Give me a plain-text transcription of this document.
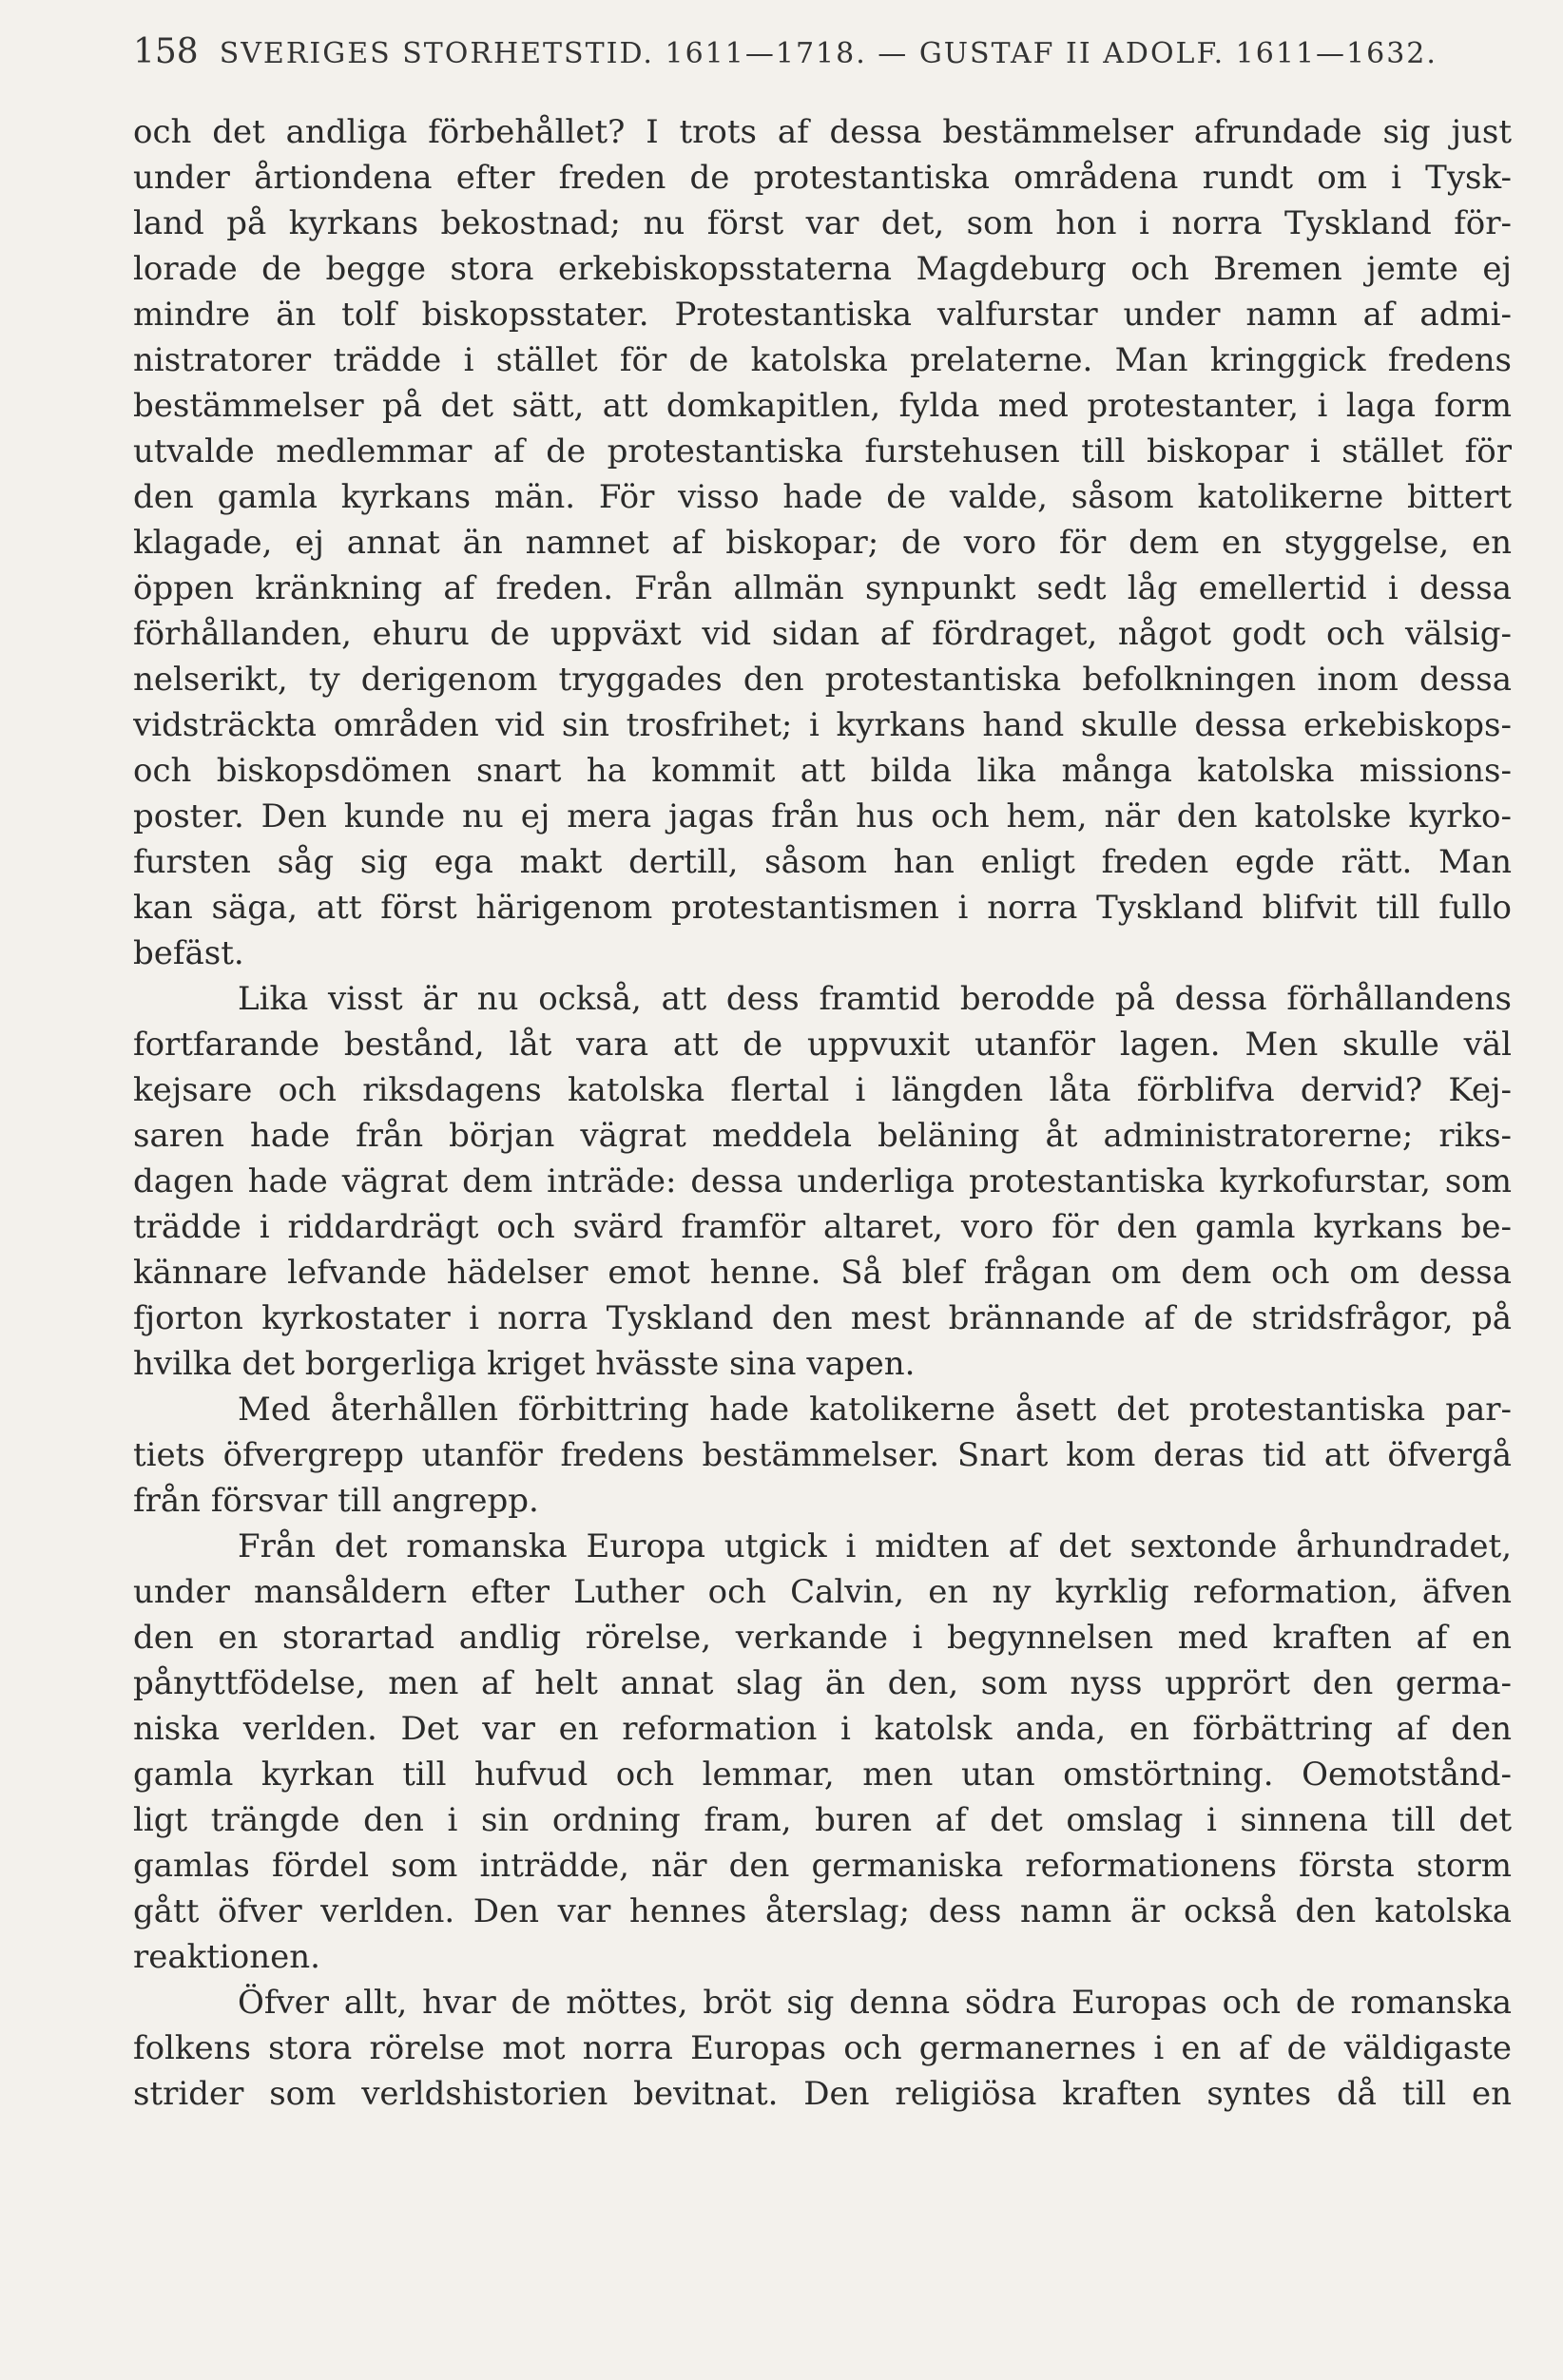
158 SVERIGES STORHETSTID. 1611—1718. — GUSTAF II ADOLF. 1611—1632.
och det andliga förbehållet? I trots af dessa bestämmelser afrundade sig just
under årtiondena efter freden de protestantiska områdena rundt om i Tysk-
land på kyrkans bekostnad; nu först var det, som hon i norra Tyskland för-
lorade de begge stora erkebiskopsstaterna Magdeburg och Bremen jemte ej
mindre än tolf biskopsstater. Protestantiska valfurstar under namn af admi-
nistratorer trädde i stället för de katolska prelaterne. Man kringgick fredens
bestämmelser på det sätt, att domkapitlen, fylda med protestanter, i laga form
utvalde medlemmar af de protestantiska furstehusen till biskopar i stället för
den gamla kyrkans män. För visso hade de valde, såsom katolikerne bittert
klagade, ej annat än namnet af biskopar; de voro för dem en styggelse, en
öppen kränkning af freden. Från allmän synpunkt sedt låg emellertid i dessa
förhållanden, ehuru de uppväxt vid sidan af fördraget, något godt och välsig-
nelserikt, ty derigenom tryggades den protestantiska befolkningen inom dessa
vidsträckta områden vid sin trosfrihet; i kyrkans hand skulle dessa erkebiskops-
och biskopsdömen snart ha kommit att bilda lika många katolska missions-
poster. Den kunde nu ej mera jagas från hus och hem, när den katolske kyrko-
fursten såg sig ega makt dertill, såsom han enligt freden egde rätt. Man
kan säga, att först härigenom protestantismen i norra Tyskland blifvit till fullo
befäst.
Lika visst är nu också, att dess framtid berodde på dessa förhållandens
fortfarande bestånd, låt vara att de uppvuxit utanför lagen. Men skulle väl
kejsare och riksdagens katolska flertal i längden låta förblifva dervid? Kej-
saren hade från början vägrat meddela beläning åt administratorerne; riks-
dagen hade vägrat dem inträde: dessa underliga protestantiska kyrkofurstar, som
trädde i riddardrägt och svärd framför altaret, voro för den gamla kyrkans be-
kännare lefvande hädelser emot henne. Så blef frågan om dem och om dessa
fjorton kyrkostater i norra Tyskland den mest brännande af de stridsfrågor, på
hvilka det borgerliga kriget hvässte sina vapen.
Med återhållen förbittring hade katolikerne åsett det protestantiska par-
tiets öfvergrepp utanför fredens bestämmelser. Snart kom deras tid att öfvergå
från försvar till angrepp.
Från det romanska Europa utgick i midten af det sextonde århundradet,
under mansåldern efter Luther och Calvin, en ny kyrklig reformation, äfven
den en storartad andlig rörelse, verkande i begynnelsen med kraften af en
pånyttfödelse, men af helt annat slag än den, som nyss upprört den germa-
niska verlden. Det var en reformation i katolsk anda, en förbättring af den
gamla kyrkan till hufvud och lemmar, men utan omstörtning. Oemotstånd-
ligt trängde den i sin ordning fram, buren af det omslag i sinnena till det
gamlas fördel som inträdde, när den germaniska reformationens första storm
gått öfver verlden. Den var hennes återslag; dess namn är också den katolska
reaktionen.
Öfver allt, hvar de möttes, bröt sig denna södra Europas och de romanska
folkens stora rörelse mot norra Europas och germanernes i en af de väldigaste
strider som verldshistorien bevitnat. Den religiösa kraften syntes då till en
